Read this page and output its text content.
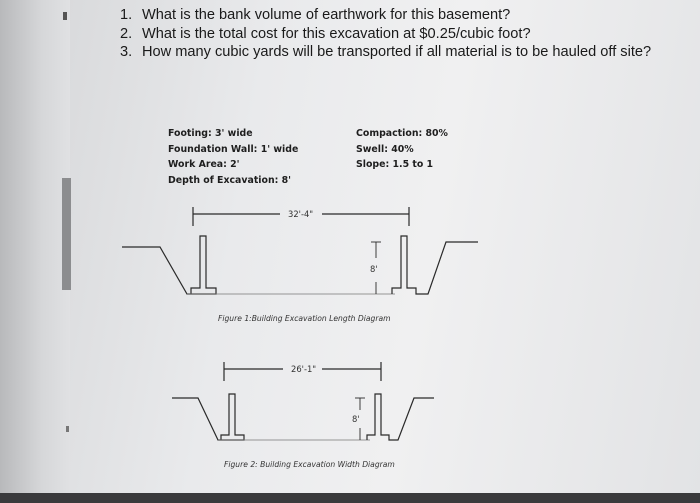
1. What is the bank volume of earthwork for this basement?
2. What is the total cost for this excavation at $0.25/cubic foot?
3. How many cubic yards will be transported if all material is to be hauled off site?
Footing: 3' wide
Foundation Wall: 1' wide
Work Area: 2'
Depth of Excavation: 8'
Compaction: 80%
Swell: 40%
Slope: 1.5 to 1
32'-4"
8'
26'-1"
8'
Figure 1:Building Excavation Length Diagram
Figure 2: Building Excavation Width Diagram
